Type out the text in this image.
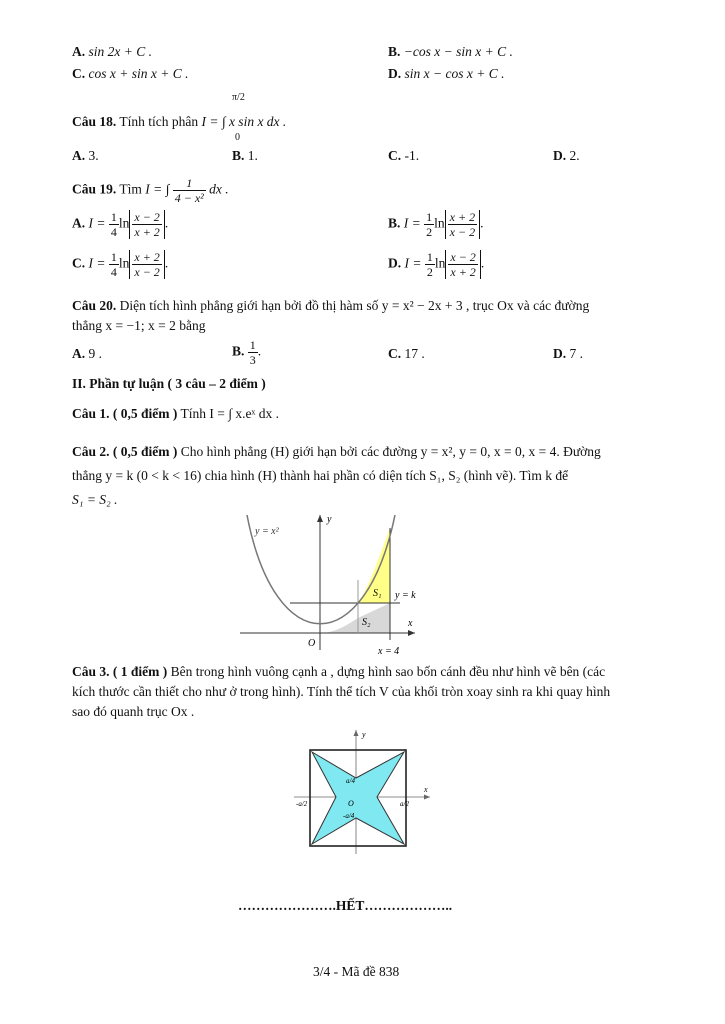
A. sin 2x + C .	B. −cos x − sin x + C .
C. cos x + sin x + C .	D. sin x − cos x + C .
Câu 18. Tính tích phân I = ∫ x sin x dx .
π/2
0
A. 3.	B. 1.	C. -1.	D. 2.
Câu 19. Tìm I = ∫ $\frac{1}{\text{4 − x²}}$ dx .
A. $I = \frac{1}{4}$ $\ln \frac{x - 2}{x + 2}$ .	B. $I = \frac{1}{2}$ $\ln \frac{x + 2}{x - 2}$ .
C. $I = \frac{1}{4}$ $\ln \frac{x + 2}{x - 2}$ .	D. $I = \frac{1}{2}$ $\ln \frac{x - 2}{x + 2}$ .
Câu 20. Diện tích hình phẳng giới hạn bởi đồ thị hàm số y = x² − 2x + 3 , trục Ox và các đường
thẳng x = −1; x = 2 bằng
A. 9 .	B. $\frac{1}{3}$ .	C. 17 .	D. 7 .
II. Phần tự luận ( 3 câu – 2 điểm )
Câu 1. ( 0,5 điểm ) Tính I = ∫ x.eˣ dx .
Câu 2. ( 0,5 điểm ) Cho hình phẳng (H) giới hạn bởi các đường y = x², y = 0, x = 0, x = 4. Đường
thẳng y = k (0 < k < 16) chia hình (H) thành hai phần có diện tích S₁, S₂ (hình vẽ). Tìm k để
S₁ = S₂ .
y = x²
y
x
O
S₁
S₂
y = k
x = 4
Câu 3. ( 1 điểm ) Bên trong hình vuông cạnh a , dựng hình sao bốn cánh đều như hình vẽ bên (các
kích thước cần thiết cho như ở trong hình). Tính thể tích V của khối tròn xoay sinh ra khi quay hình
sao đó quanh trục Ox .
y
x
O
a/4
-a/4
-a/2	a/2
………………….HẾT………………..
3/4 - Mã đề 838
